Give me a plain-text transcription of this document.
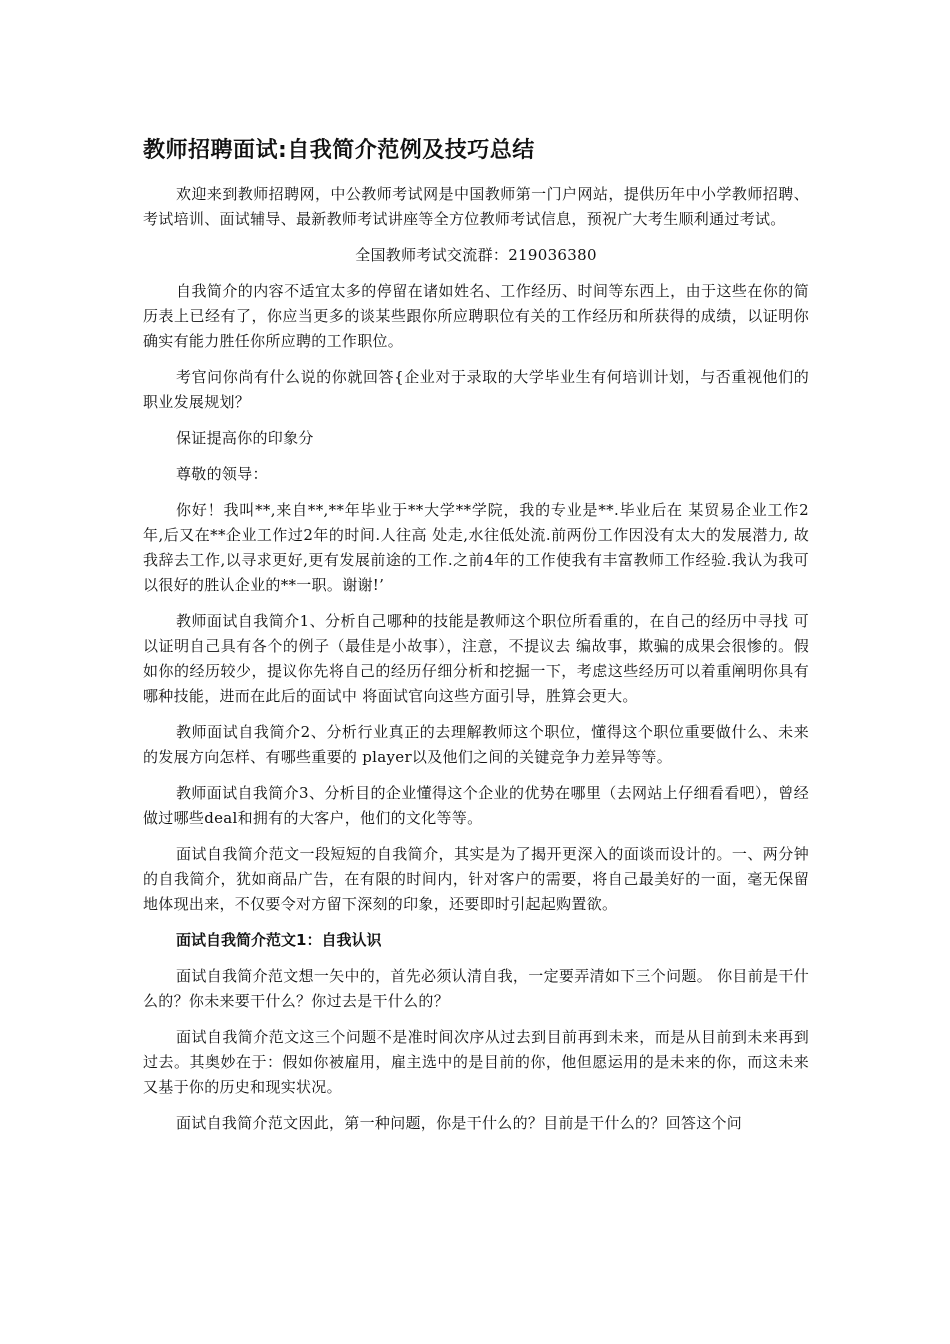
教师招聘面试:自我简介范例及技巧总结

欢迎来到教师招聘网，中公教师考试网是中国教师第一门户网站，提供历年中小学教师招聘、考试培训、面试辅导、最新教师考试讲座等全方位教师考试信息，预祝广大考生顺利通过考试。

全国教师考试交流群：219036380

自我简介的内容不适宜太多的停留在诸如姓名、工作经历、时间等东西上，由于这些在你的简历表上已经有了，你应当更多的谈某些跟你所应聘职位有关的工作经历和所获得的成绩，以证明你确实有能力胜任你所应聘的工作职位。

考官问你尚有什么说的你就回答{企业对于录取的大学毕业生有何培训计划，与否重视他们的职业发展规划？

保证提高你的印象分

尊敬的领导：

你好！我叫**,来自**,**年毕业于**大学**学院，我的专业是**.毕业后在 某贸易企业工作2年,后又在**企业工作过2年的时间.人往高 处走,水往低处流.前两份工作因没有太大的发展潜力, 故我辞去工作,以寻求更好,更有发展前途的工作.之前4年的工作使我有丰富教师工作经验.我认为我可以很好的胜认企业的**一职。谢谢!’

教师面试自我简介1、分析自己哪种的技能是教师这个职位所看重的，在自己的经历中寻找 可以证明自己具有各个的例子（最佳是小故事），注意，不提议去 编故事，欺骗的成果会很惨的。假如你的经历较少，提议你先将自己的经历仔细分析和挖掘一下，考虑这些经历可以着重阐明你具有哪种技能，进而在此后的面试中 将面试官向这些方面引导，胜算会更大。

教师面试自我简介2、分析行业真正的去理解教师这个职位，懂得这个职位重要做什么、未来的发展方向怎样、有哪些重要的 player以及他们之间的关键竞争力差异等等。

教师面试自我简介3、分析目的企业懂得这个企业的优势在哪里（去网站上仔细看看吧），曾经做过哪些deal和拥有的大客户，他们的文化等等。

面试自我简介范文一段短短的自我简介，其实是为了揭开更深入的面谈而设计的。一、两分钟的自我简介，犹如商品广告，在有限的时间内，针对客户的需要，将自己最美好的一面，毫无保留地体现出来，不仅要令对方留下深刻的印象，还要即时引起起购置欲。

面试自我简介范文1：自我认识

面试自我简介范文想一矢中的，首先必须认清自我，一定要弄清如下三个问题。 你目前是干什么的？你未来要干什么？你过去是干什么的？

面试自我简介范文这三个问题不是准时间次序从过去到目前再到未来，而是从目前到未来再到过去。其奥妙在于：假如你被雇用，雇主选中的是目前的你，他但愿运用的是未来的你，而这未来又基于你的历史和现实状况。

面试自我简介范文因此，第一种问题，你是干什么的？目前是干什么的？回答这个问
